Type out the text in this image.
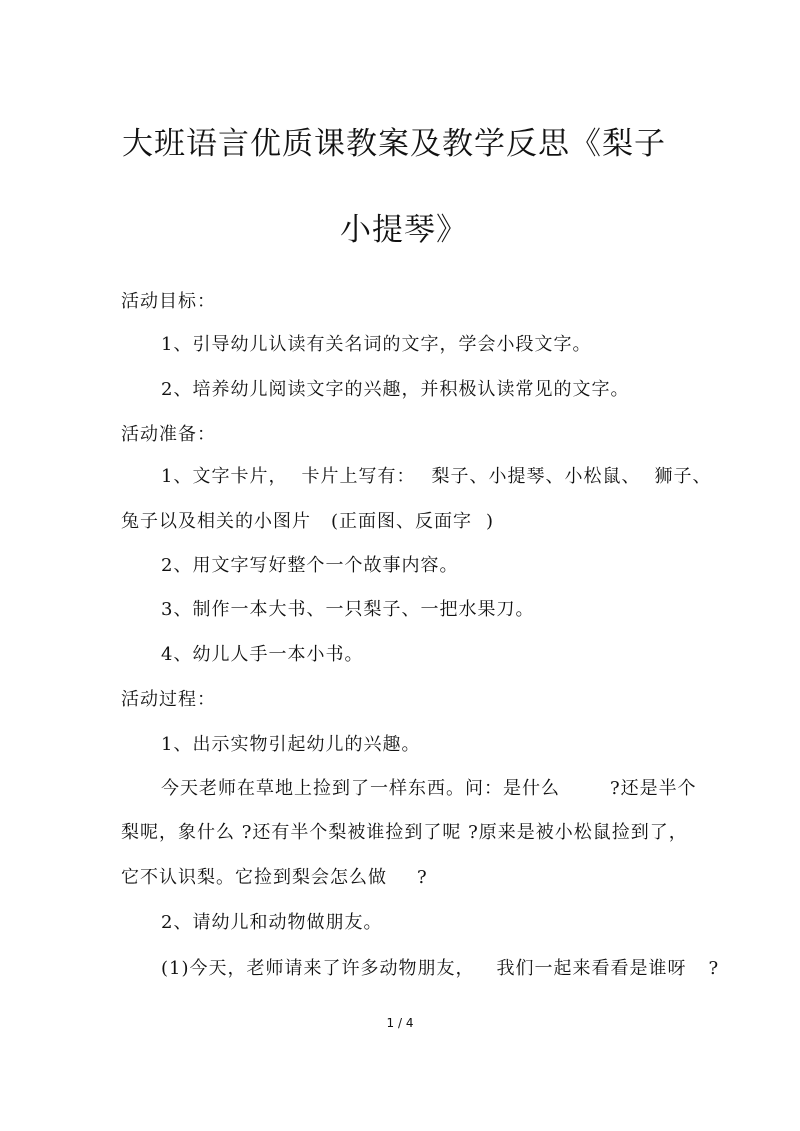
大班语言优质课教案及教学反思《梨子
小提琴》
活动目标：
1、引导幼儿认读有关名词的文字，学会小段文字。
2、培养幼儿阅读文字的兴趣，并积极认读常见的文字。
活动准备：
1、文字卡片， 卡片上写有： 梨子、小提琴、小松鼠、 狮子、
兔子以及相关的小图片 (正面图、反面字 )
2、用文字写好整个一个故事内容。
3、制作一本大书、一只梨子、一把水果刀。
4、幼儿人手一本小书。
活动过程：
1、出示实物引起幼儿的兴趣。
今天老师在草地上捡到了一样东西。问：是什么	?还是半个
梨呢，象什么 ?还有半个梨被谁捡到了呢 ?原来是被小松鼠捡到了，
它不认识梨。它捡到梨会怎么做 ?
2、请幼儿和动物做朋友。
(1)今天，老师请来了许多动物朋友， 我们一起来看看是谁呀 ?
1 / 4
